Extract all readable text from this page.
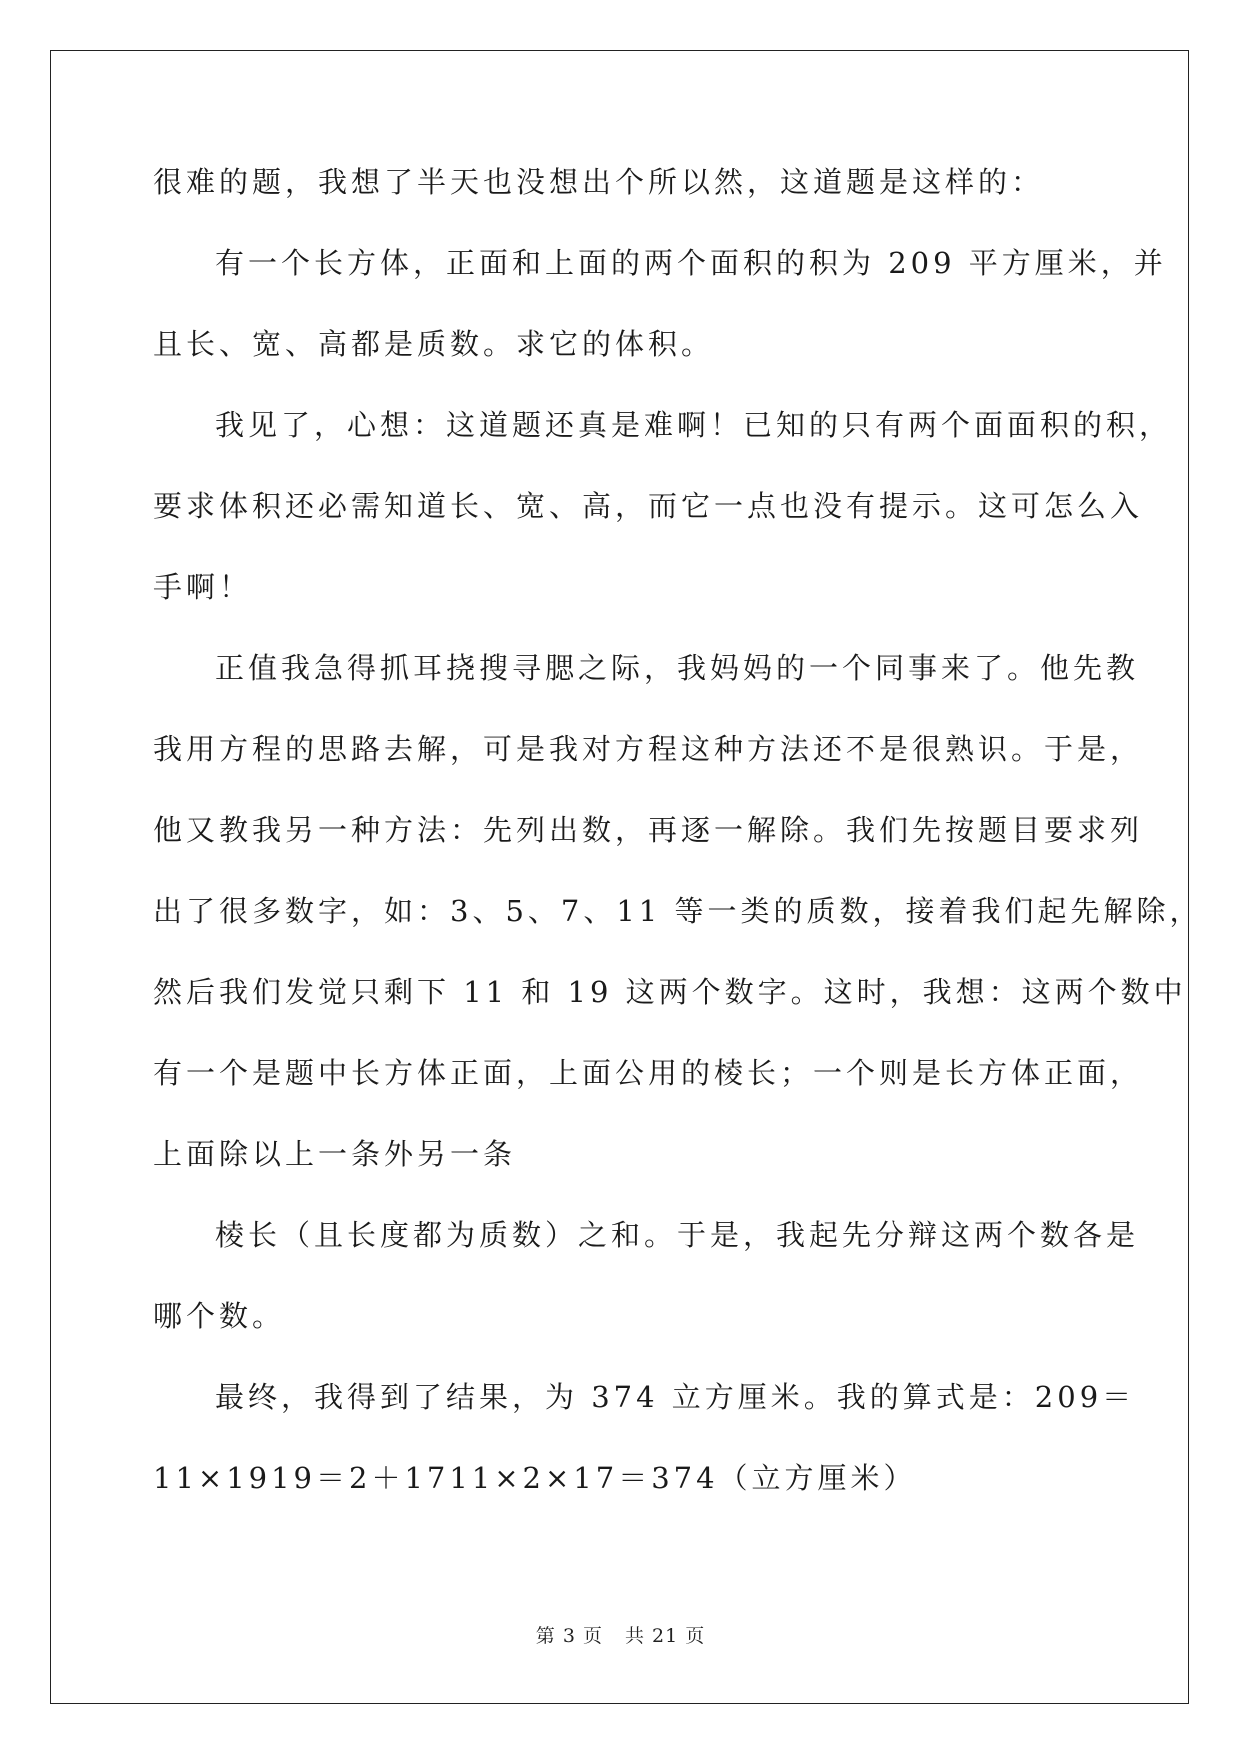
很难的题，我想了半天也没想出个所以然，这道题是这样的：
有一个长方体，正面和上面的两个面积的积为 209 平方厘米，并
且长、宽、高都是质数。求它的体积。
我见了，心想：这道题还真是难啊！已知的只有两个面面积的积，
要求体积还必需知道长、宽、高，而它一点也没有提示。这可怎么入
手啊！
正值我急得抓耳挠搜寻腮之际，我妈妈的一个同事来了。他先教
我用方程的思路去解，可是我对方程这种方法还不是很熟识。于是，
他又教我另一种方法：先列出数，再逐一解除。我们先按题目要求列
出了很多数字，如：3、5、7、11 等一类的质数，接着我们起先解除，
然后我们发觉只剩下 11 和 19 这两个数字。这时，我想：这两个数中
有一个是题中长方体正面，上面公用的棱长；一个则是长方体正面，
上面除以上一条外另一条
棱长（且长度都为质数）之和。于是，我起先分辩这两个数各是
哪个数。
最终，我得到了结果，为 374 立方厘米。我的算式是：209＝
11×1919＝2＋1711×2×17＝374（立方厘米）
第 3 页 共 21 页
